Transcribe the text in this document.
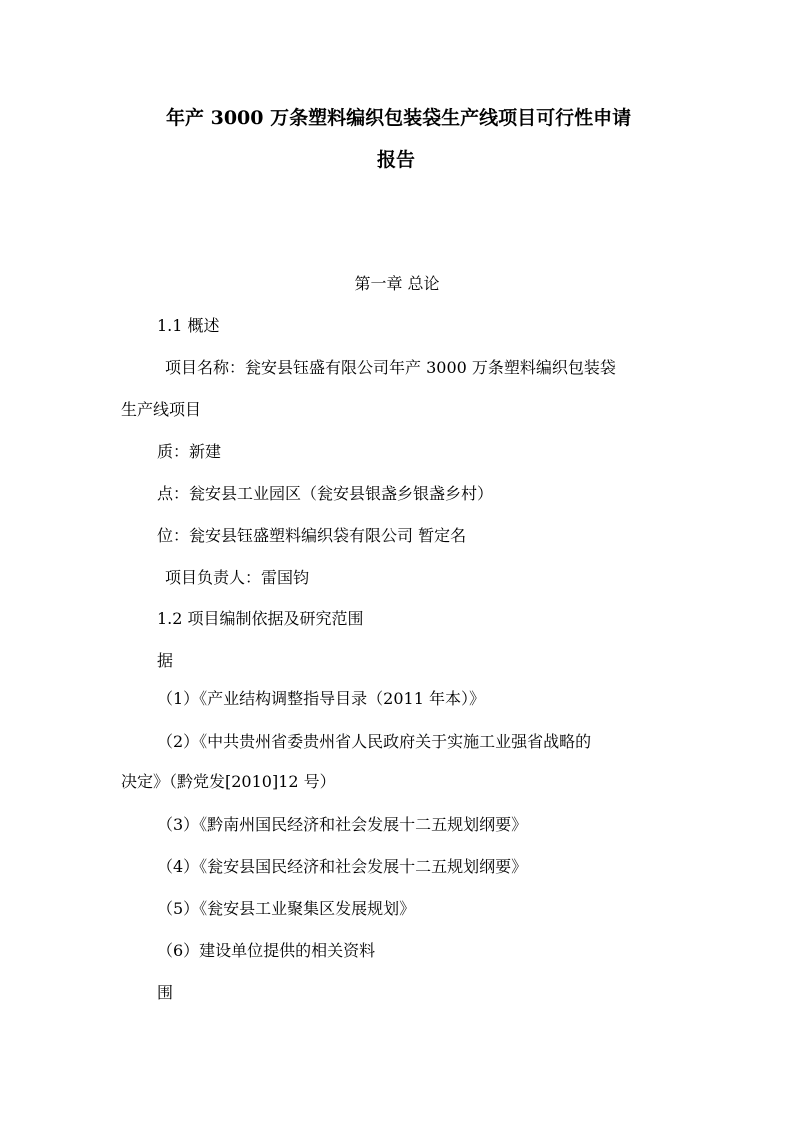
年产 3000 万条塑料编织包装袋生产线项目可行性申请
报告
第一章 总论
1.1 概述
项目名称：瓮安县钰盛有限公司年产 3000 万条塑料编织包装袋
生产线项目
质：新建
点：瓮安县工业园区（瓮安县银盏乡银盏乡村）
位：瓮安县钰盛塑料编织袋有限公司 暂定名
项目负责人：雷国钧
1.2 项目编制依据及研究范围
据
（1）《产业结构调整指导目录（2011 年本）》
（2）《中共贵州省委贵州省人民政府关于实施工业强省战略的
决定》（黔党发[2010]12 号）
（3）《黔南州国民经济和社会发展十二五规划纲要》
（4）《瓮安县国民经济和社会发展十二五规划纲要》
（5）《瓮安县工业聚集区发展规划》
（6）建设单位提供的相关资料
围
